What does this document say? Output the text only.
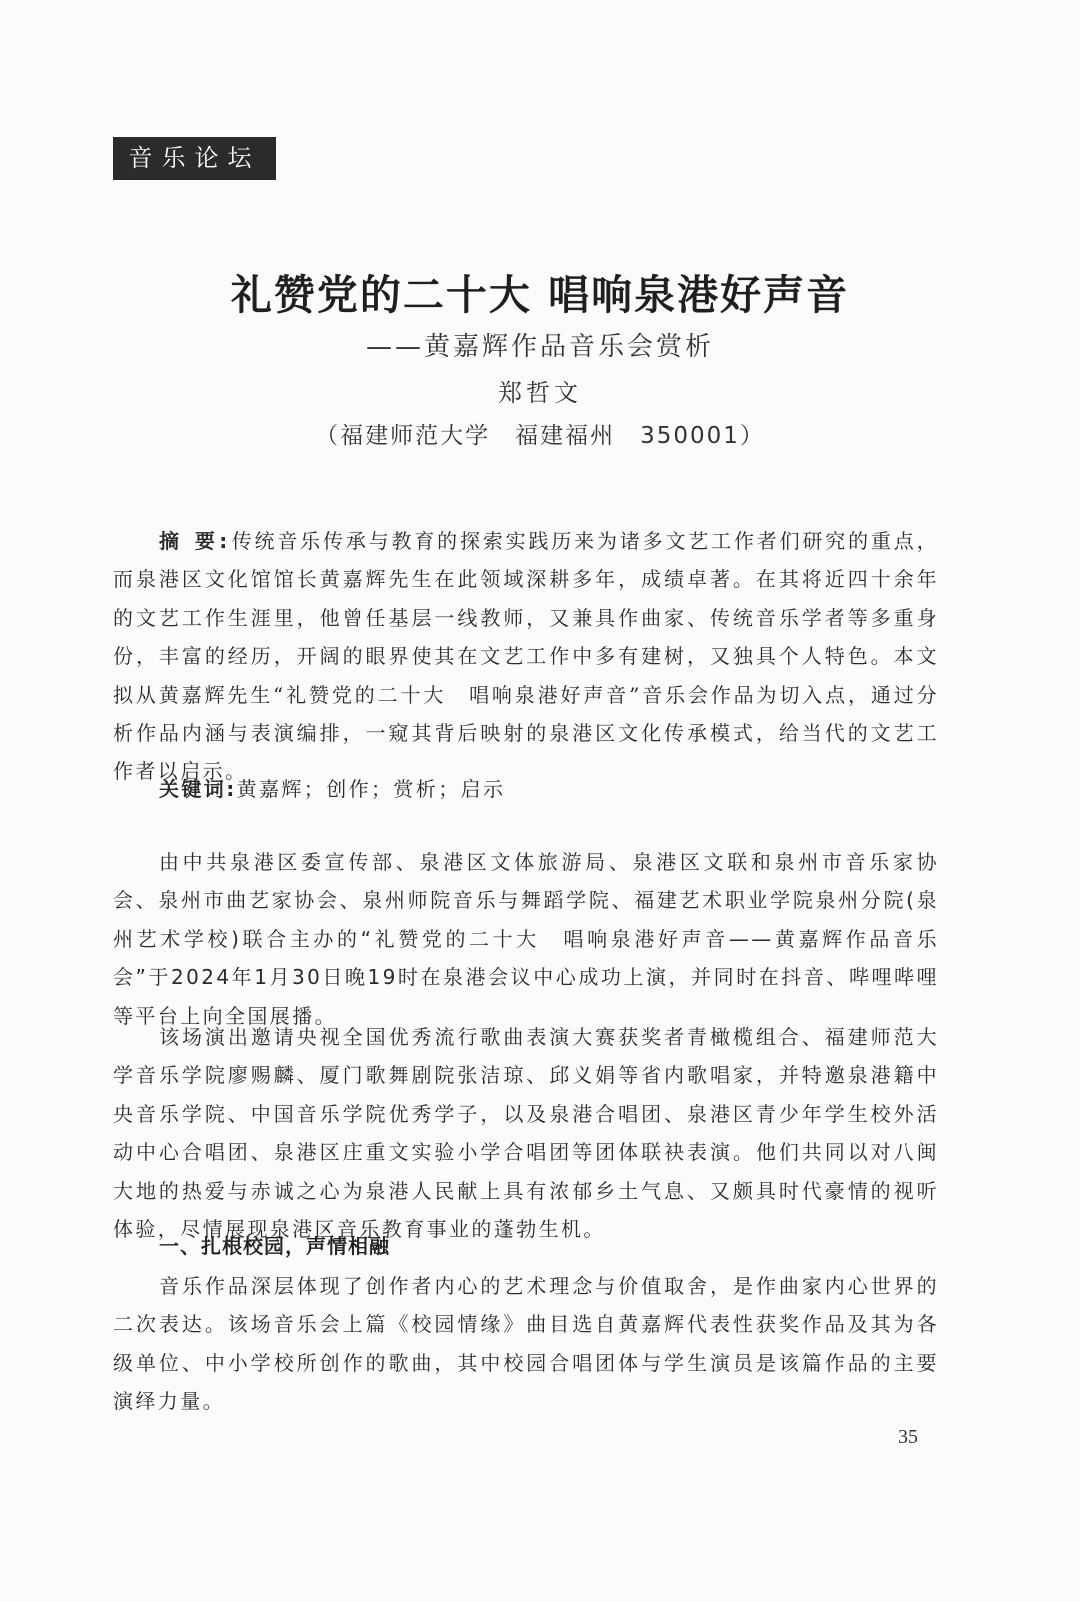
音乐论坛
礼赞党的二十大 唱响泉港好声音
——黄嘉辉作品音乐会赏析
郑哲文
（福建师范大学　福建福州　350001）
摘 要:传统音乐传承与教育的探索实践历来为诸多文艺工作者们研究的重点，而泉港区文化馆馆长黄嘉辉先生在此领域深耕多年，成绩卓著。在其将近四十余年的文艺工作生涯里，他曾任基层一线教师，又兼具作曲家、传统音乐学者等多重身份，丰富的经历，开阔的眼界使其在文艺工作中多有建树，又独具个人特色。本文拟从黄嘉辉先生“礼赞党的二十大　唱响泉港好声音”音乐会作品为切入点，通过分析作品内涵与表演编排，一窥其背后映射的泉港区文化传承模式，给当代的文艺工作者以启示。
关键词:黄嘉辉；创作；赏析；启示
由中共泉港区委宣传部、泉港区文体旅游局、泉港区文联和泉州市音乐家协会、泉州市曲艺家协会、泉州师院音乐与舞蹈学院、福建艺术职业学院泉州分院(泉州艺术学校)联合主办的“礼赞党的二十大　唱响泉港好声音——黄嘉辉作品音乐会”于2024年1月30日晚19时在泉港会议中心成功上演，并同时在抖音、哔哩哔哩等平台上向全国展播。
该场演出邀请央视全国优秀流行歌曲表演大赛获奖者青橄榄组合、福建师范大学音乐学院廖赐麟、厦门歌舞剧院张洁琼、邱义娟等省内歌唱家，并特邀泉港籍中央音乐学院、中国音乐学院优秀学子，以及泉港合唱团、泉港区青少年学生校外活动中心合唱团、泉港区庄重文实验小学合唱团等团体联袂表演。他们共同以对八闽大地的热爱与赤诚之心为泉港人民献上具有浓郁乡土气息、又颇具时代豪情的视听体验，尽情展现泉港区音乐教育事业的蓬勃生机。
一、扎根校园，声情相融
音乐作品深层体现了创作者内心的艺术理念与价值取舍，是作曲家内心世界的二次表达。该场音乐会上篇《校园情缘》曲目选自黄嘉辉代表性获奖作品及其为各级单位、中小学校所创作的歌曲，其中校园合唱团体与学生演员是该篇作品的主要演绎力量。
35
